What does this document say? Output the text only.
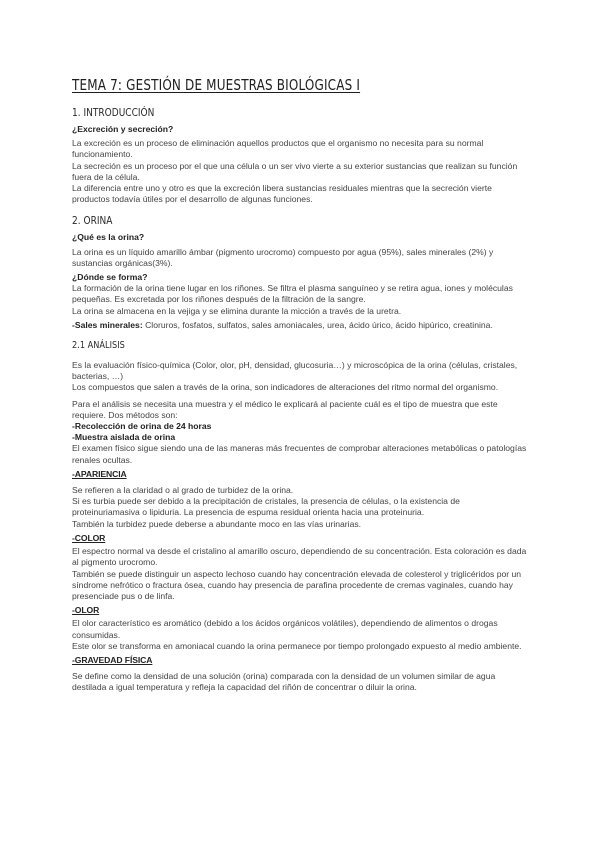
TEMA 7: GESTIÓN DE MUESTRAS BIOLÓGICAS I
1. INTRODUCCIÓN
¿Excreción y secreción?

La excreción es un proceso de eliminación aquellos productos que el organismo no necesita para su normal funcionamiento.

La secreción es un proceso por el que una célula o un ser vivo vierte a su exterior sustancias que realizan su función fuera de la célula.

La diferencia entre uno y otro es que la excreción libera sustancias residuales mientras que la secreción vierte productos todavía útiles por el desarrollo de algunas funciones.

2. ORINA
¿Qué es la orina?

La orina es un líquido amarillo ámbar (pigmento urocromo) compuesto por agua (95%), sales minerales (2%) y sustancias orgánicas(3%).

¿Dónde se forma?

La formación de la orina tiene lugar en los riñones. Se filtra el plasma sanguíneo y se retira agua, iones y moléculas pequeñas. Es excretada por los riñones después de la filtración de la sangre.

La orina se almacena en la vejiga y se elimina durante la micción a través de la uretra.

-Sales minerales: Cloruros, fosfatos, sulfatos, sales amoniacales, urea, ácido úrico, ácido hipúrico, creatinina.

2.1 ANÁLISIS

Es la evaluación físico-química (Color, olor, pH, densidad, glucosuria…) y microscópica de la orina (células, cristales, bacterias, …)

Los compuestos que salen a través de la orina, son indicadores de alteraciones del ritmo normal del organismo.

Para el análisis se necesita una muestra y el médico le explicará al paciente cuál es el tipo de muestra que este requiere. Dos métodos son:

-Recolección de orina de 24 horas

-Muestra aislada de orina

El examen físico sigue siendo una de las maneras más frecuentes de comprobar alteraciones metabólicas o patologías renales ocultas.

-APARIENCIA

Se refieren a la claridad o al grado de turbidez de la orina.

Si es turbia puede ser debido a la precipitación de cristales, la presencia de células, o la existencia de proteinuriamasiva o lipiduria. La presencia de espuma residual orienta hacia una proteinuria.

También la turbidez puede deberse a abundante moco en las vías urinarias.

-COLOR

El espectro normal va desde el cristalino al amarillo oscuro, dependiendo de su concentración. Esta coloración es dada al pigmento urocromo.

También se puede distinguir un aspecto lechoso cuando hay concentración elevada de colesterol y triglicéridos por un síndrome nefrótico o fractura ósea, cuando hay presencia de parafina procedente de cremas vaginales, cuando hay presenciade pus o de linfa.

-OLOR

El olor característico es aromático (debido a los ácidos orgánicos volátiles), dependiendo de alimentos o drogas consumidas.

Este olor se transforma en amoniacal cuando la orina permanece por tiempo prolongado expuesto al medio ambiente.

-GRAVEDAD FÍSICA

Se define como la densidad de una solución (orina) comparada con la densidad de un volumen similar de agua destilada a igual temperatura y refleja la capacidad del riñón de concentrar o diluir la orina.
